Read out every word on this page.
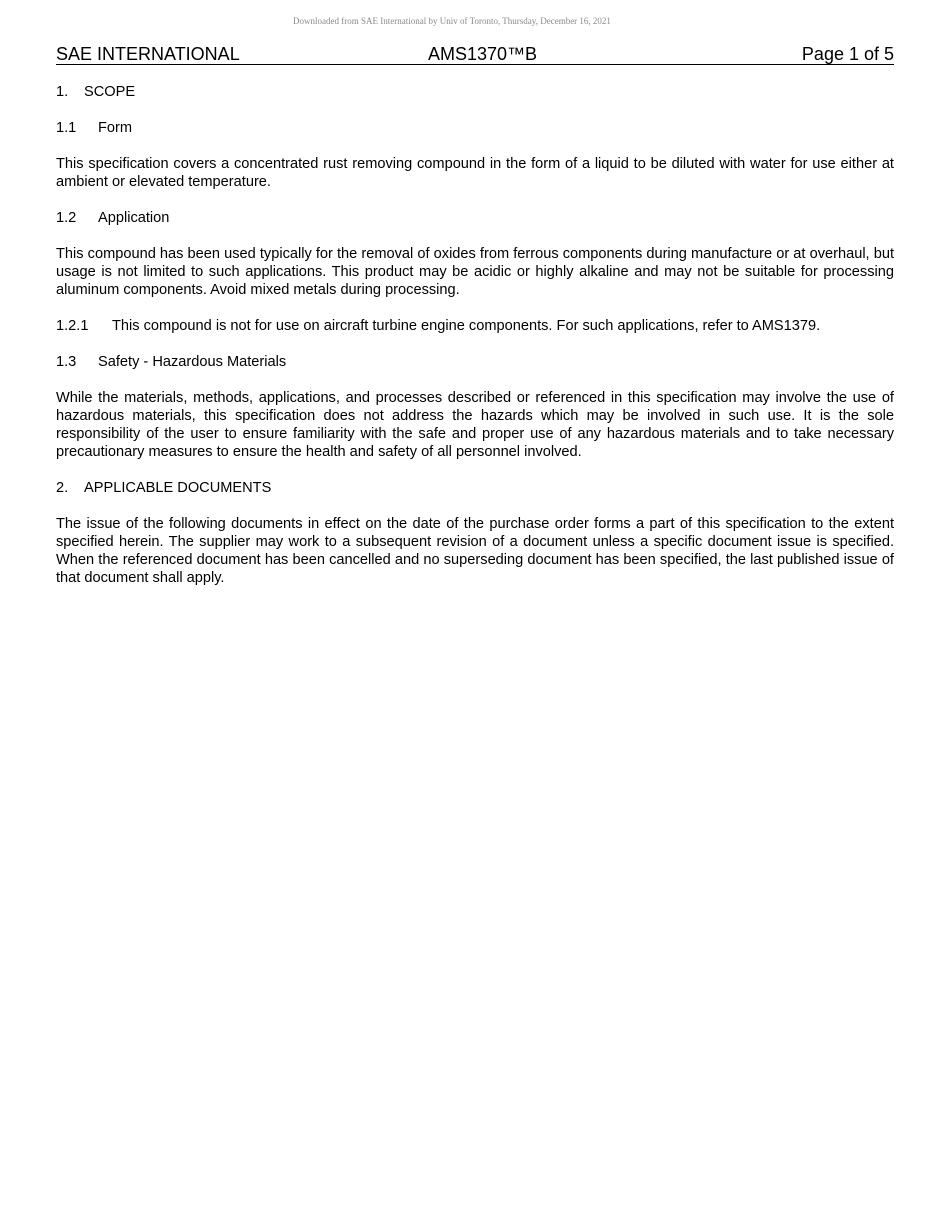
Downloaded from SAE International by Univ of Toronto, Thursday, December 16, 2021
SAE INTERNATIONAL	AMS1370™B	Page 1 of 5
1.	SCOPE
1.1	Form

This specification covers a concentrated rust removing compound in the form of a liquid to be diluted with water for use either at ambient or elevated temperature.

1.2	Application

This compound has been used typically for the removal of oxides from ferrous components during manufacture or at overhaul, but usage is not limited to such applications. This product may be acidic or highly alkaline and may not be suitable for processing aluminum components. Avoid mixed metals during processing.

1.2.1	This compound is not for use on aircraft turbine engine components. For such applications, refer to AMS1379.
1.3	Safety - Hazardous Materials

While the materials, methods, applications, and processes described or referenced in this specification may involve the use of hazardous materials, this specification does not address the hazards which may be involved in such use. It is the sole responsibility of the user to ensure familiarity with the safe and proper use of any hazardous materials and to take necessary precautionary measures to ensure the health and safety of all personnel involved.

2.	APPLICABLE DOCUMENTS

The issue of the following documents in effect on the date of the purchase order forms a part of this specification to the extent specified herein. The supplier may work to a subsequent revision of a document unless a specific document issue is specified. When the referenced document has been cancelled and no superseding document has been specified, the last published issue of that document shall apply.
